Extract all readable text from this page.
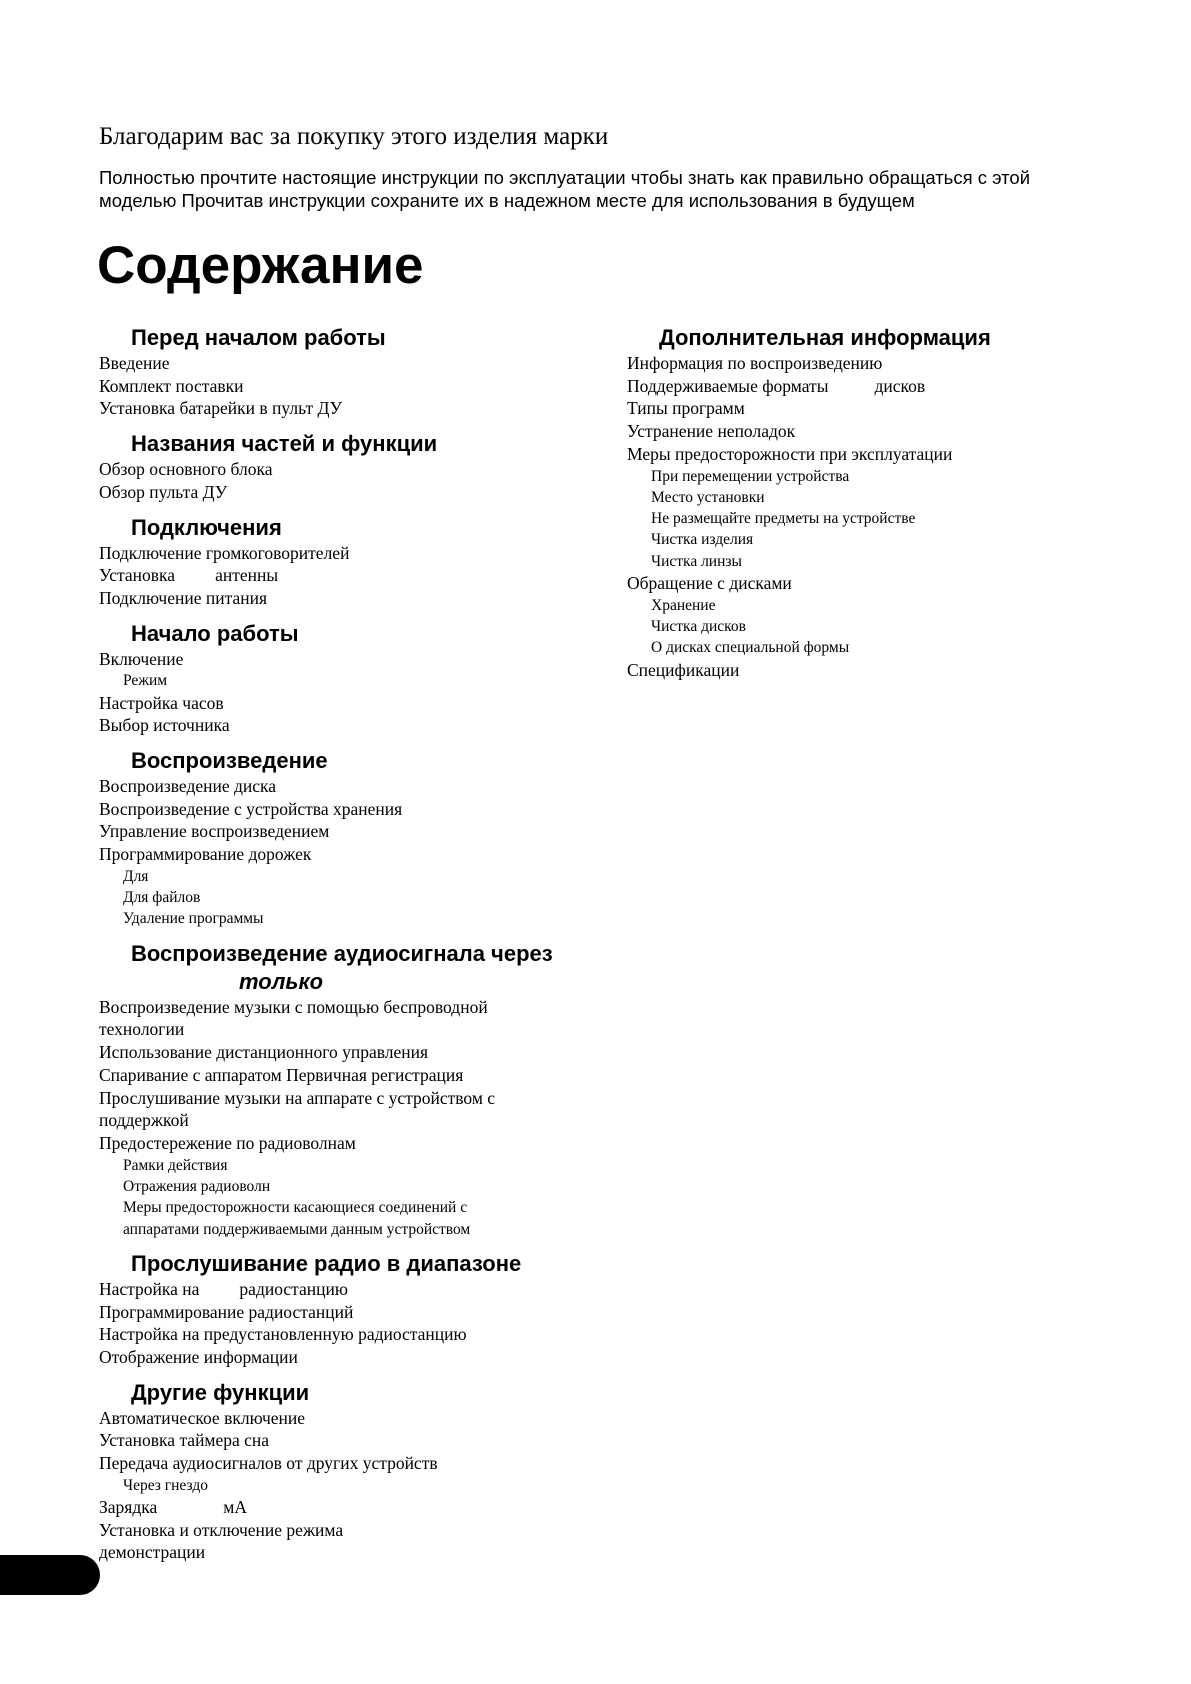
Благодарим вас за покупку этого изделия марки

Полностью прочтите настоящие инструкции по эксплуатации чтобы знать как правильно обращаться с этой
моделью Прочитав инструкции сохраните их в надежном месте для использования в будущем

Содержание
Перед началом работы
Введение
Комплект поставки
Установка батарейки в пульт ДУ
Названия частей и функции
Обзор основного блока
Обзор пульта ДУ
Подключения
Подключение громкоговорителей
Установка антенны
Подключение питания
Начало работы
Включение
Режим
Настройка часов
Выбор источника
Воспроизведение
Воспроизведение диска
Воспроизведение с устройства хранения
Управление воспроизведением
Программирование дорожек
Для
Для файлов
Удаление программы
Воспроизведение аудиосигнала через
только
Воспроизведение музыки с помощью беспроводной
технологии
Использование дистанционного управления
Спаривание с аппаратом Первичная регистрация
Прослушивание музыки на аппарате с устройством с
поддержкой
Предостережение по радиоволнам
Рамки действия
Отражения радиоволн
Меры предосторожности касающиеся соединений с
аппаратами поддерживаемыми данным устройством
Прослушивание радио в диапазоне
Настройка на радиостанцию
Программирование радиостанций
Настройка на предустановленную радиостанцию
Отображение информации
Другие функции
Автоматическое включение
Установка таймера сна
Передача аудиосигналов от других устройств
Через гнездо
Зарядка	мА
Установка и отключение режима
демонстрации
Дополнительная информация
Информация по воспроизведению
Поддерживаемые форматы	дисков
Типы программ
Устранение неполадок
Меры предосторожности при эксплуатации
При перемещении устройства
Место установки
Не размещайте предметы на устройстве
Чистка изделия
Чистка линзы
Обращение с дисками
Хранение
Чистка дисков
О дисках специальной формы
Спецификации
